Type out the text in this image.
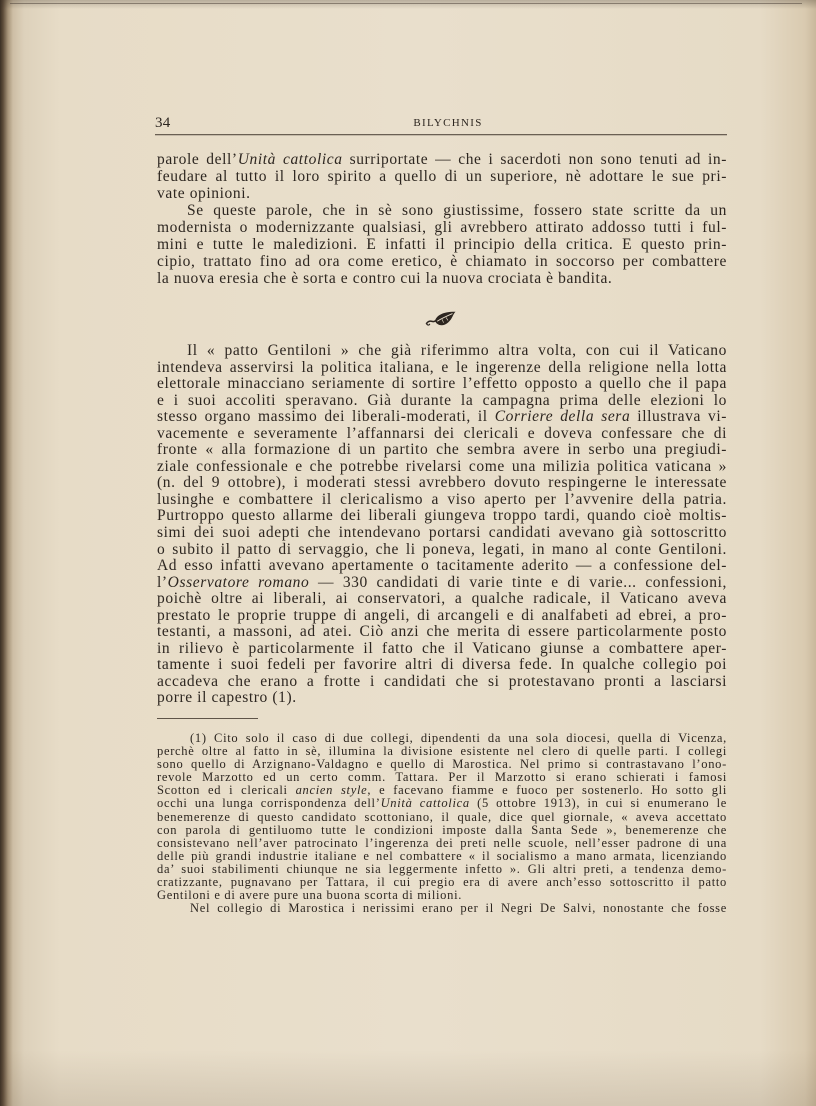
34	BILYCHNIS
parole dell’Unità cattolica surriportate — che i sacerdoti non sono tenuti ad in-
feudare al tutto il loro spirito a quello di un superiore, nè adottare le sue pri-
vate opinioni.
Se queste parole, che in sè sono giustissime, fossero state scritte da un
modernista o modernizzante qualsiasi, gli avrebbero attirato addosso tutti i ful-
mini e tutte le maledizioni. E infatti il principio della critica. E questo prin-
cipio, trattato fino ad ora come eretico, è chiamato in soccorso per combattere
la nuova eresia che è sorta e contro cui la nuova crociata è bandita.
Il « patto Gentiloni » che già riferimmo altra volta, con cui il Vaticano
intendeva asservirsi la politica italiana, e le ingerenze della religione nella lotta
elettorale minacciano seriamente di sortire l’effetto opposto a quello che il papa
e i suoi accoliti speravano. Già durante la campagna prima delle elezioni lo
stesso organo massimo dei liberali-moderati, il Corriere della sera illustrava vi-
vacemente e severamente l’affannarsi dei clericali e doveva confessare che di
fronte « alla formazione di un partito che sembra avere in serbo una pregiudi-
ziale confessionale e che potrebbe rivelarsi come una milizia politica vaticana »
(n. del 9 ottobre), i moderati stessi avrebbero dovuto respingerne le interessate
lusinghe e combattere il clericalismo a viso aperto per l’avvenire della patria.
Purtroppo questo allarme dei liberali giungeva troppo tardi, quando cioè moltis-
simi dei suoi adepti che intendevano portarsi candidati avevano già sottoscritto
o subito il patto di servaggio, che li poneva, legati, in mano al conte Gentiloni.
Ad esso infatti avevano apertamente o tacitamente aderito — a confessione del-
l’Osservatore romano — 330 candidati di varie tinte e di varie... confessioni,
poichè oltre ai liberali, ai conservatori, a qualche radicale, il Vaticano aveva
prestato le proprie truppe di angeli, di arcangeli e di analfabeti ad ebrei, a pro-
testanti, a massoni, ad atei. Ciò anzi che merita di essere particolarmente posto
in rilievo è particolarmente il fatto che il Vaticano giunse a combattere aper-
tamente i suoi fedeli per favorire altri di diversa fede. In qualche collegio poi
accadeva che erano a frotte i candidati che si protestavano pronti a lasciarsi
porre il capestro (1).
(1) Cito solo il caso di due collegi, dipendenti da una sola diocesi, quella di Vicenza,
perchè oltre al fatto in sè, illumina la divisione esistente nel clero di quelle parti. I collegi
sono quello di Arzignano-Valdagno e quello di Marostica. Nel primo si contrastavano l’ono-
revole Marzotto ed un certo comm. Tattara. Per il Marzotto si erano schierati i famosi
Scotton ed i clericali ancien style, e facevano fiamme e fuoco per sostenerlo. Ho sotto gli
occhi una lunga corrispondenza dell’Unità cattolica (5 ottobre 1913), in cui si enumerano le
benemerenze di questo candidato scottoniano, il quale, dice quel giornale, « aveva accettato
con parola di gentiluomo tutte le condizioni imposte dalla Santa Sede », benemerenze che
consistevano nell’aver patrocinato l’ingerenza dei preti nelle scuole, nell’esser padrone di una
delle più grandi industrie italiane e nel combattere « il socialismo a mano armata, licenziando
da’ suoi stabilimenti chiunque ne sia leggermente infetto ». Gli altri preti, a tendenza demo-
cratizzante, pugnavano per Tattara, il cui pregio era di avere anch’esso sottoscritto il patto
Gentiloni e di avere pure una buona scorta di milioni.
Nel collegio di Marostica i nerissimi erano per il Negri De Salvi, nonostante che fosse
